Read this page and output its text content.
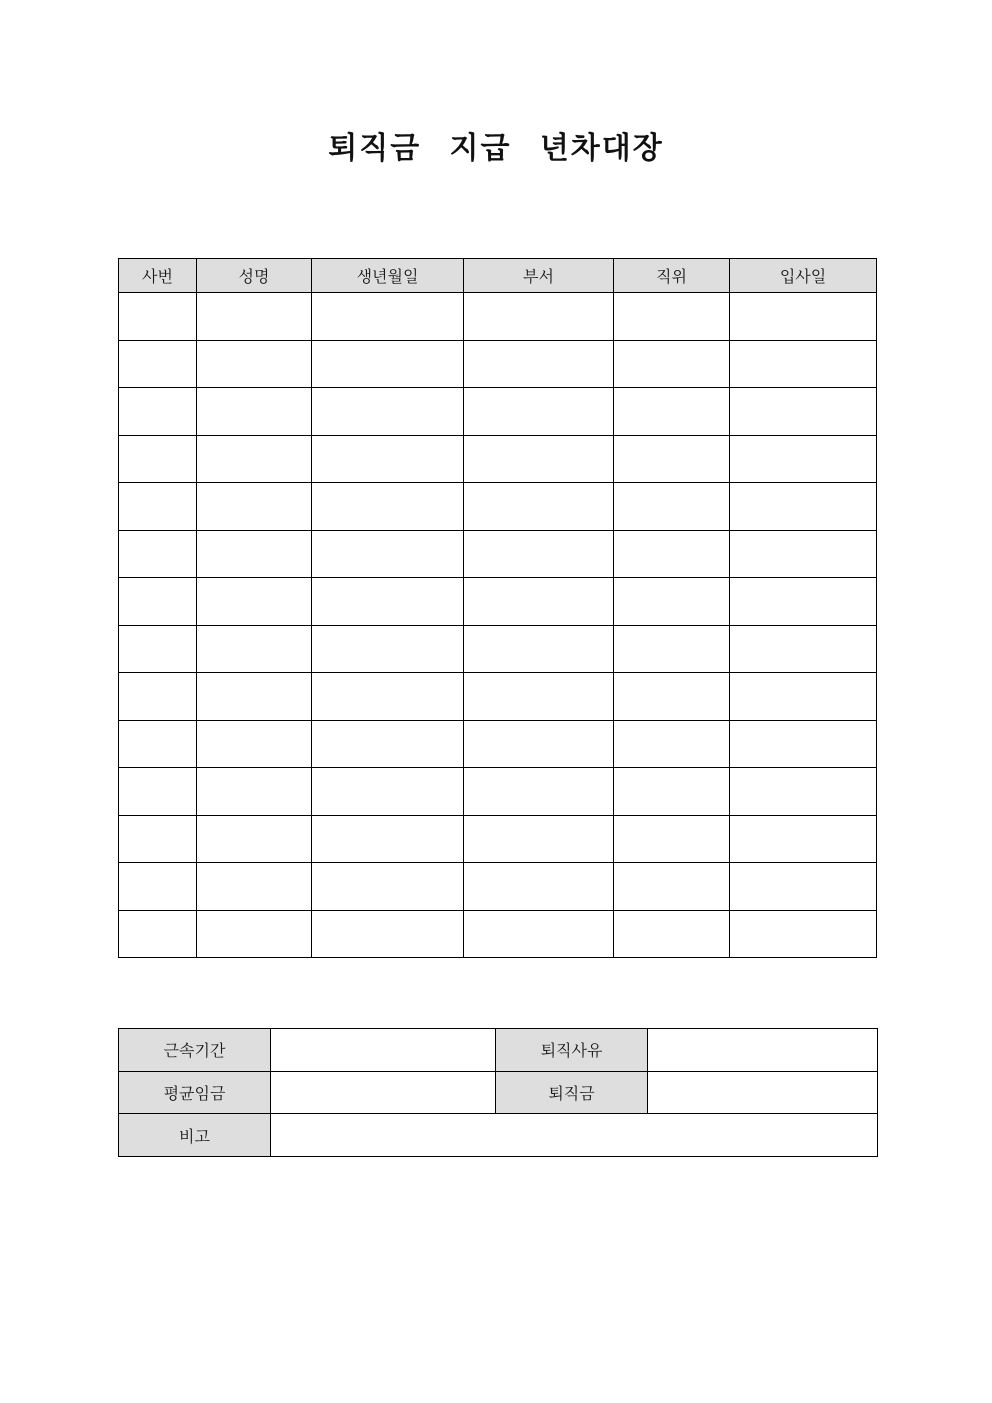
퇴직금 지급 년차대장
사번	성명	생년월일	부서	직위	입사일

근속기간		퇴직사유	
평균임금		퇴직금	
비고			
